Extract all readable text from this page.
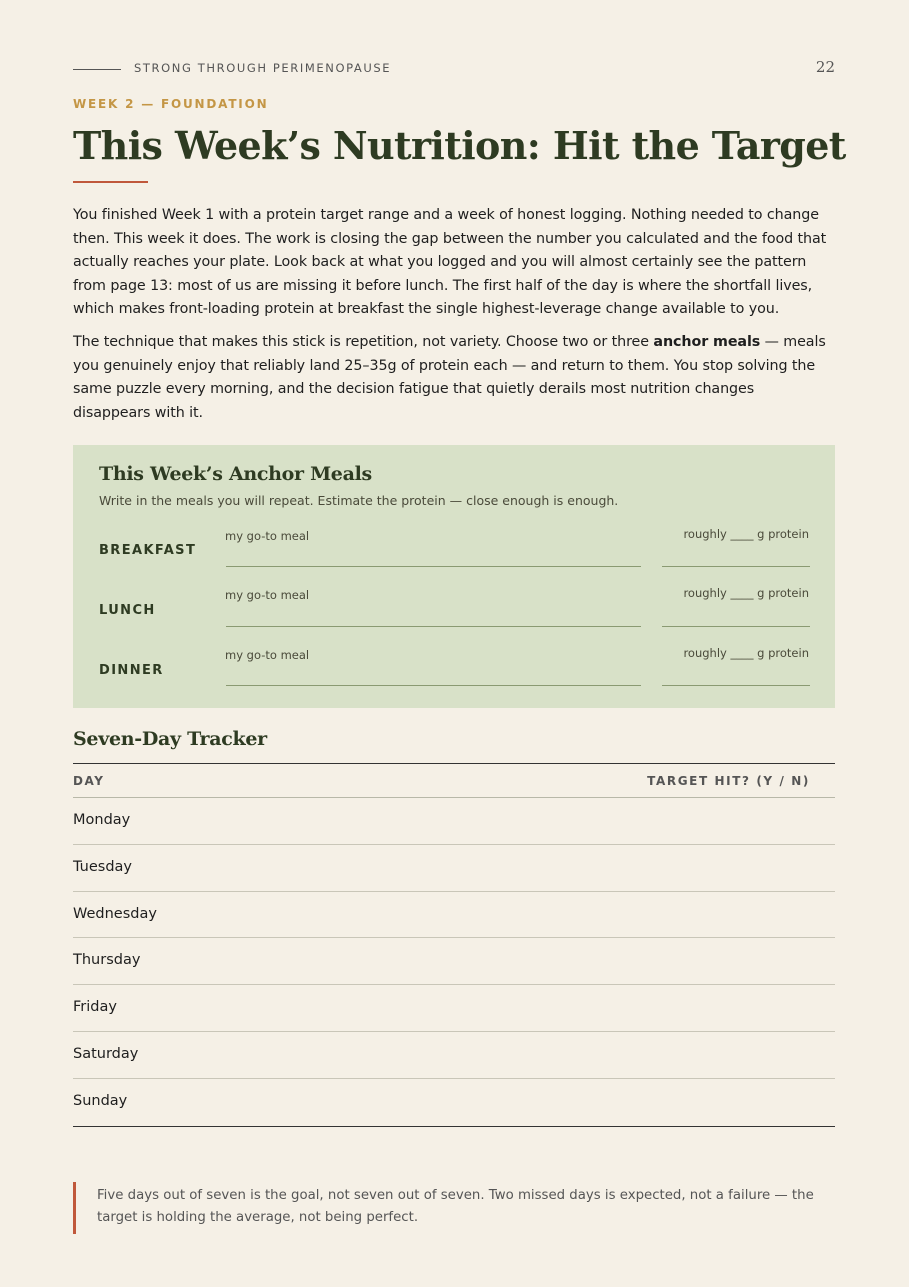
STRONG THROUGH PERIMENOPAUSE	22
WEEK 2 — FOUNDATION
This Week’s Nutrition: Hit the Target

You finished Week 1 with a protein target range and a week of honest logging. Nothing needed to change then. This week it does. The work is closing the gap between the number you calculated and the food that actually reaches your plate. Look back at what you logged and you will almost certainly see the pattern from page 13: most of us are missing it before lunch. The first half of the day is where the shortfall lives, which makes front-loading protein at breakfast the single highest-leverage change available to you.

The technique that makes this stick is repetition, not variety. Choose two or three anchor meals — meals you genuinely enjoy that reliably land 25–35g of protein each — and return to them. You stop solving the same puzzle every morning, and the decision fatigue that quietly derails most nutrition changes disappears with it.

This Week’s Anchor Meals
Write in the meals you will repeat. Estimate the protein — close enough is enough.
BREAKFAST
my go-to meal	roughly ____ g protein
LUNCH
my go-to meal	roughly ____ g protein
DINNER
my go-to meal	roughly ____ g protein
Seven-Day Tracker
DAY	TARGET HIT? (Y / N)
Monday
Tuesday
Wednesday
Thursday
Friday
Saturday
Sunday
Five days out of seven is the goal, not seven out of seven. Two missed days is expected, not a failure — the target is holding the average, not being perfect.
